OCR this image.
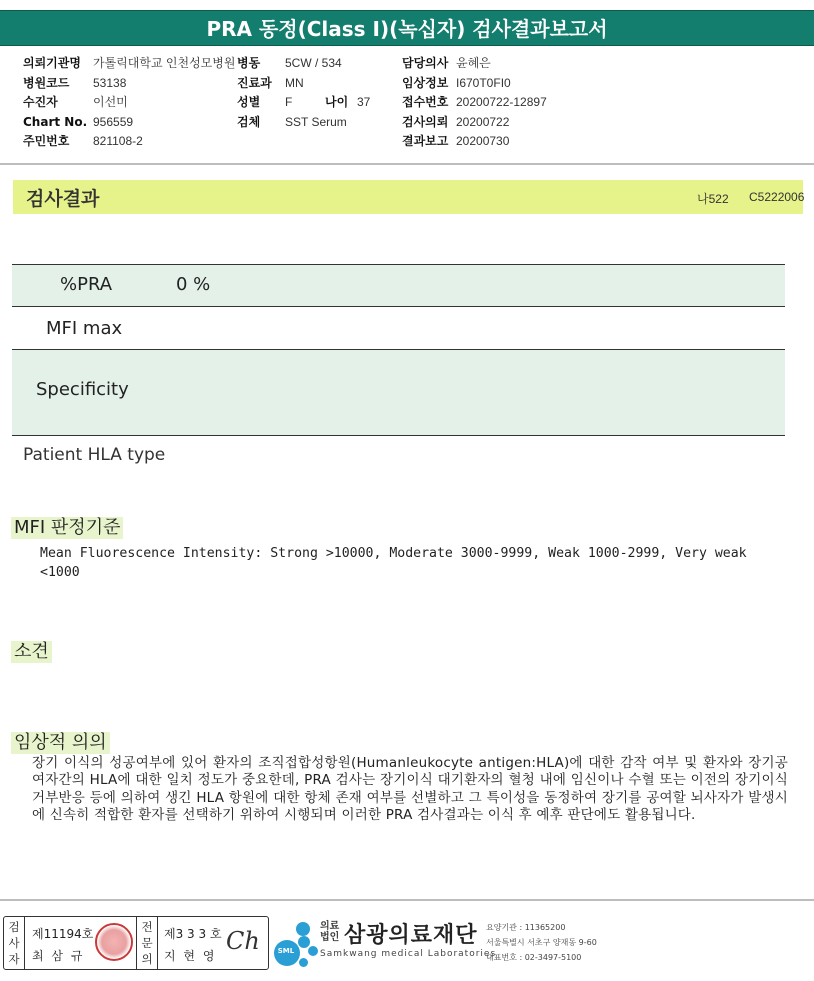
PRA 동정(Class I)(녹십자) 검사결과보고서
의뢰기관명 가톨릭대학교 인천성모병원
병원코드 53138
수진자	이선미
Chart No. 956559
주민번호 821108-2
병동 5CW / 534
진료과 MN
성별 F	나이 37
검체 SST Serum
담당의사 윤혜은
임상정보 I670T0FI0
접수번호 20200722-12897
검사의뢰 20200722
결과보고 20200730
검사결과	나522 C5222006
%PRA	0 %
MFI max
Specificity
Patient HLA type
MFI 판정기준
Mean Fluorescence Intensity: Strong >10000, Moderate 3000-9999, Weak 1000-2999, Very weak <1000
소견
임상적 의의
장기 이식의 성공여부에 있어 환자의 조직접합성항원(Humanleukocyte antigen:HLA)에 대한 감작 여부 및 환자와 장기공여자간의 HLA에 대한 일치 정도가 중요한데, PRA 검사는 장기이식 대기환자의 혈청 내에 임신이나 수혈 또는 이전의 장기이식 거부반응 등에 의하여 생긴 HLA 항원에 대한 항체 존재 여부를 선별하고 그 특이성을 동정하여 장기를 공여할 뇌사자가 발생시에 신속히 적합한 환자를 선택하기 위하여 시행되며 이러한 PRA 검사결과는 이식 후 예후 판단에도 활용됩니다.
검사자
제11194호
최 삼 규
전문의
제3 3 3 호
지 현 영
Ch	SML
의료법인 삼광의료재단
Samkwang medical Laboratories
요양기관 : 11365200
서울특별시 서초구 양재동 9-60
대표번호 : 02-3497-5100
